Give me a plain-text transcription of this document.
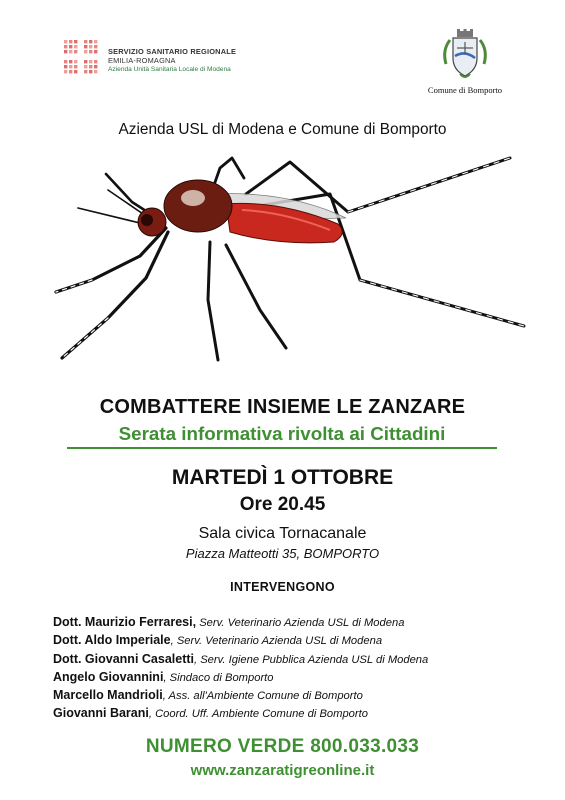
SERVIZIO SANITARIO REGIONALE
EMILIA-ROMAGNA
Azienda Unità Sanitaria Locale di Modena
Comune di Bomporto
Azienda USL di Modena e Comune di Bomporto
COMBATTERE INSIEME LE ZANZARE
Serata informativa rivolta ai Cittadini
MARTEDÌ 1 OTTOBRE
Ore 20.45
Sala civica Tornacanale
Piazza Matteotti 35, BOMPORTO
INTERVENGONO
Dott. Maurizio Ferraresi, Serv. Veterinario Azienda USL di Modena
Dott. Aldo Imperiale, Serv. Veterinario Azienda USL di Modena
Dott. Giovanni Casaletti, Serv. Igiene Pubblica Azienda USL di Modena
Angelo Giovannini, Sindaco di Bomporto
Marcello Mandrioli, Ass. all'Ambiente Comune di Bomporto
Giovanni Barani, Coord. Uff. Ambiente Comune di Bomporto
NUMERO VERDE 800.033.033
www.zanzaratigreonline.it
